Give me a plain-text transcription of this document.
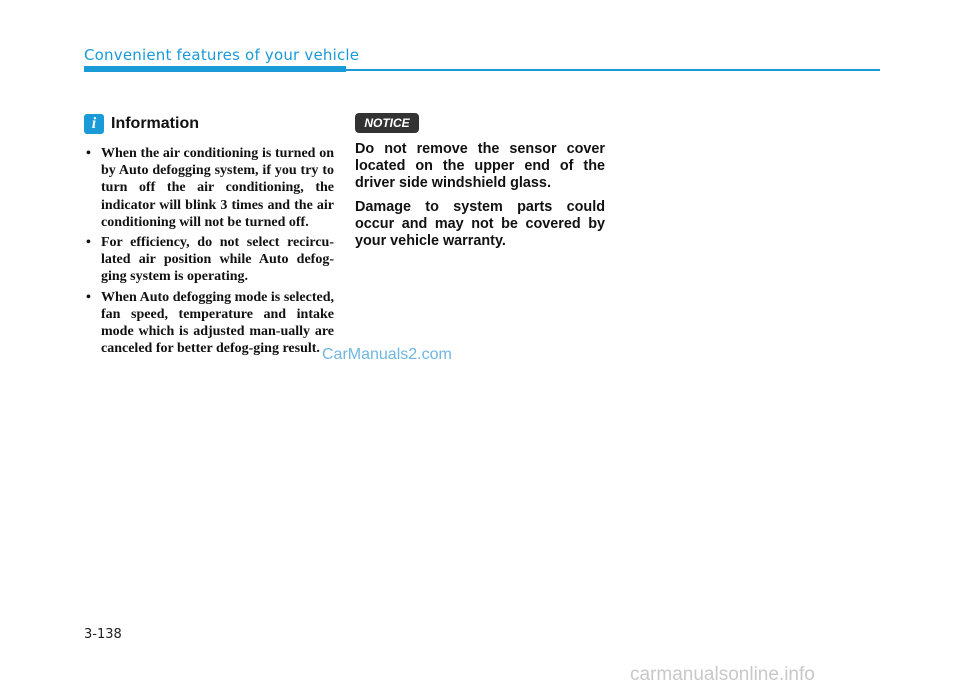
Convenient features of your vehicle
i Information
• When the air conditioning is turned on by Auto defogging system, if you try to turn off the air conditioning, the indicator will blink 3 times and the air conditioning will not be turned off.
• For efficiency, do not select recircu-lated air position while Auto defog-ging system is operating.
• When Auto defogging mode is selected, fan speed, temperature and intake mode which is adjusted man-ually are canceled for better defog-ging result.
NOTICE

Do not remove the sensor cover located on the upper end of the driver side windshield glass.

Damage to system parts could occur and may not be covered by your vehicle warranty.

CarManuals2.com
3-138
carmanualsonline.info
